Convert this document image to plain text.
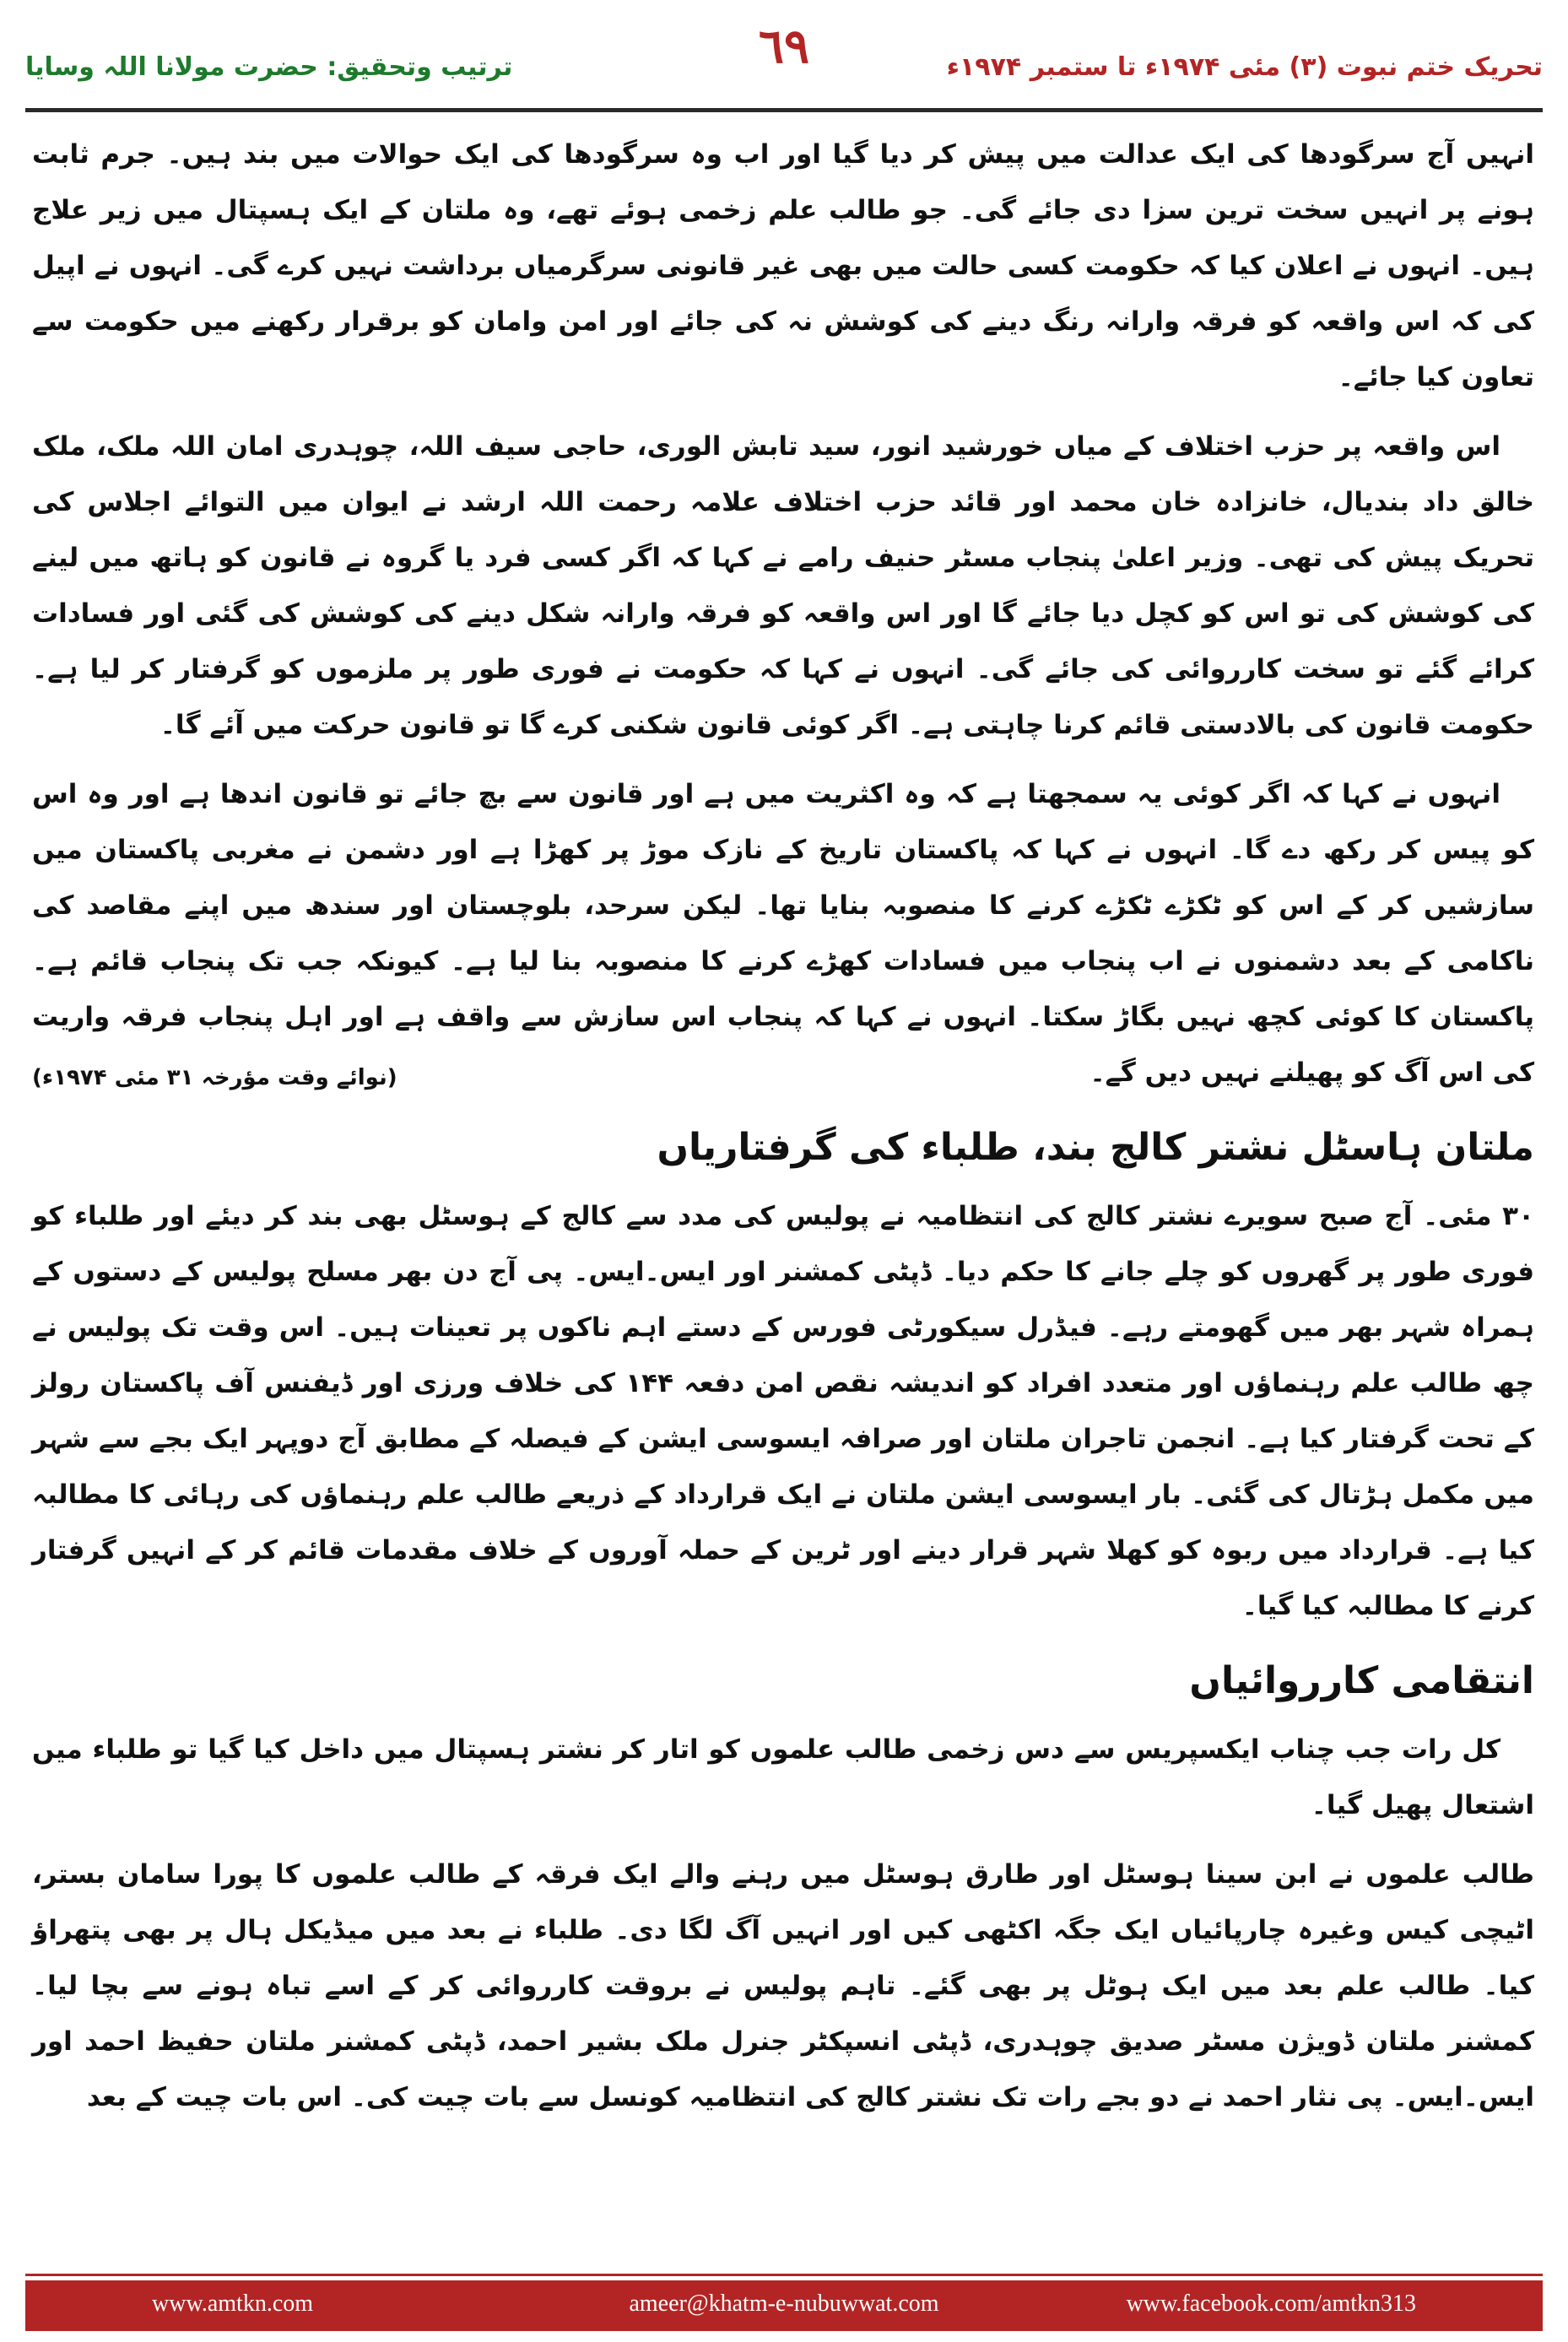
ترتیب وتحقیق: حضرت مولانا اللہ وسایا	٦٩	تحریک ختم نبوت (۳) مئی ۱۹۷۴ء تا ستمبر ۱۹۷۴ء

انہیں آج سرگودھا کی ایک عدالت میں پیش کر دیا گیا اور اب وہ سرگودھا کی ایک حوالات میں بند ہیں۔ جرم ثابت ہونے پر انہیں سخت ترین سزا دی جائے گی۔ جو طالب علم زخمی ہوئے تھے، وہ ملتان کے ایک ہسپتال میں زیر علاج ہیں۔ انہوں نے اعلان کیا کہ حکومت کسی حالت میں بھی غیر قانونی سرگرمیاں برداشت نہیں کرے گی۔ انہوں نے اپیل کی کہ اس واقعہ کو فرقہ وارانہ رنگ دینے کی کوشش نہ کی جائے اور امن وامان کو برقرار رکھنے میں حکومت سے تعاون کیا جائے۔

اس واقعہ پر حزب اختلاف کے میاں خورشید انور، سید تابش الوری، حاجی سیف اللہ، چوہدری امان اللہ ملک، ملک خالق داد بندیال، خانزادہ خان محمد اور قائد حزب اختلاف علامہ رحمت اللہ ارشد نے ایوان میں التوائے اجلاس کی تحریک پیش کی تھی۔ وزیر اعلیٰ پنجاب مسٹر حنیف رامے نے کہا کہ اگر کسی فرد یا گروہ نے قانون کو ہاتھ میں لینے کی کوشش کی تو اس کو کچل دیا جائے گا اور اس واقعہ کو فرقہ وارانہ شکل دینے کی کوشش کی گئی اور فسادات کرائے گئے تو سخت کارروائی کی جائے گی۔ انہوں نے کہا کہ حکومت نے فوری طور پر ملزموں کو گرفتار کر لیا ہے۔ حکومت قانون کی بالادستی قائم کرنا چاہتی ہے۔ اگر کوئی قانون شکنی کرے گا تو قانون حرکت میں آئے گا۔

انہوں نے کہا کہ اگر کوئی یہ سمجھتا ہے کہ وہ اکثریت میں ہے اور قانون سے بچ جائے تو قانون اندھا ہے اور وہ اس کو پیس کر رکھ دے گا۔ انہوں نے کہا کہ پاکستان تاریخ کے نازک موڑ پر کھڑا ہے اور دشمن نے مغربی پاکستان میں سازشیں کر کے اس کو ٹکڑے ٹکڑے کرنے کا منصوبہ بنایا تھا۔ لیکن سرحد، بلوچستان اور سندھ میں اپنے مقاصد کی ناکامی کے بعد دشمنوں نے اب پنجاب میں فسادات کھڑے کرنے کا منصوبہ بنا لیا ہے۔ کیونکہ جب تک پنجاب قائم ہے۔ پاکستان کا کوئی کچھ نہیں بگاڑ سکتا۔ انہوں نے کہا کہ پنجاب اس سازش سے واقف ہے اور اہل پنجاب فرقہ واریت کی اس آگ کو پھیلنے نہیں دیں گے۔
(نوائے وقت مؤرخہ ۳۱ مئی ۱۹۷۴ء)

ملتان ہاسٹل نشتر کالج بند، طلباء کی گرفتاریاں

۳۰ مئی۔ آج صبح سویرے نشتر کالج کی انتظامیہ نے پولیس کی مدد سے کالج کے ہوسٹل بھی بند کر دیئے اور طلباء کو فوری طور پر گھروں کو چلے جانے کا حکم دیا۔ ڈپٹی کمشنر اور ایس۔ایس۔ پی آج دن بھر مسلح پولیس کے دستوں کے ہمراہ شہر بھر میں گھومتے رہے۔ فیڈرل سیکورٹی فورس کے دستے اہم ناکوں پر تعینات ہیں۔ اس وقت تک پولیس نے چھ طالب علم رہنماؤں اور متعدد افراد کو اندیشہ نقص امن دفعہ ۱۴۴ کی خلاف ورزی اور ڈیفنس آف پاکستان رولز کے تحت گرفتار کیا ہے۔ انجمن تاجران ملتان اور صرافہ ایسوسی ایشن کے فیصلہ کے مطابق آج دوپہر ایک بجے سے شہر میں مکمل ہڑتال کی گئی۔ بار ایسوسی ایشن ملتان نے ایک قرارداد کے ذریعے طالب علم رہنماؤں کی رہائی کا مطالبہ کیا ہے۔ قرارداد میں ربوہ کو کھلا شہر قرار دینے اور ٹرین کے حملہ آوروں کے خلاف مقدمات قائم کر کے انہیں گرفتار کرنے کا مطالبہ کیا گیا۔

انتقامی کارروائیاں

کل رات جب چناب ایکسپریس سے دس زخمی طالب علموں کو اتار کر نشتر ہسپتال میں داخل کیا گیا تو طلباء میں اشتعال پھیل گیا۔

طالب علموں نے ابن سینا ہوسٹل اور طارق ہوسٹل میں رہنے والے ایک فرقہ کے طالب علموں کا پورا سامان بستر، اٹیچی کیس وغیرہ چارپائیاں ایک جگہ اکٹھی کیں اور انہیں آگ لگا دی۔ طلباء نے بعد میں میڈیکل ہال پر بھی پتھراؤ کیا۔ طالب علم بعد میں ایک ہوٹل پر بھی گئے۔ تاہم پولیس نے بروقت کارروائی کر کے اسے تباہ ہونے سے بچا لیا۔ کمشنر ملتان ڈویژن مسٹر صدیق چوہدری، ڈپٹی انسپکٹر جنرل ملک بشیر احمد، ڈپٹی کمشنر ملتان حفیظ احمد اور ایس۔ایس۔ پی نثار احمد نے دو بجے رات تک نشتر کالج کی انتظامیہ کونسل سے بات چیت کی۔ اس بات چیت کے بعد

www.amtkn.com	ameer@khatm-e-nubuwwat.com	www.facebook.com/amtkn313
